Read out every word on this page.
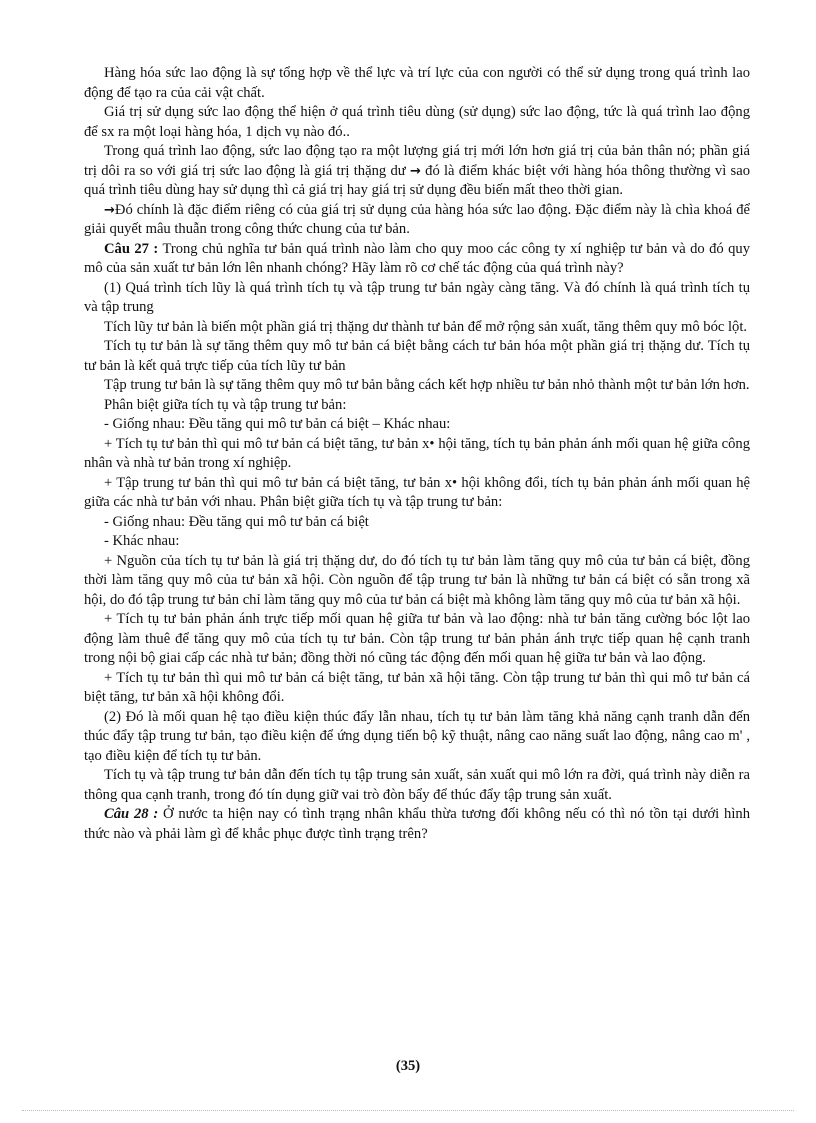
Hàng hóa sức lao động là sự tổng hợp về thể lực và trí lực của con người có thể sử dụng trong quá trình lao động để tạo ra của cải vật chất.

Giá trị sử dụng sức lao động thể hiện ở quá trình tiêu dùng (sử dụng) sức lao động, tức là quá trình lao động để sx ra một loại hàng hóa, 1 dịch vụ nào đó..

Trong quá trình lao động, sức lao động tạo ra một lượng giá trị mới lớn hơn giá trị của bản thân nó; phần giá trị dôi ra so với giá trị sức lao động là giá trị thặng dư → đó là điểm khác biệt với hàng hóa thông thường vì sao quá trình tiêu dùng hay sử dụng thì cả giá trị hay giá trị sử dụng đều biến mất theo thời gian.

→Đó chính là đặc điểm riêng có của giá trị sử dụng của hàng hóa sức lao động. Đặc điểm này là chìa khoá để giải quyết mâu thuẫn trong công thức chung của tư bản.

Câu 27 : Trong chủ nghĩa tư bản quá trình nào làm cho quy moo các công ty xí nghiệp tư bản và do đó quy mô của sản xuất tư bản lớn lên nhanh chóng? Hãy làm rõ cơ chế tác động của quá trình này?

(1) Quá trình tích lũy là quá trình tích tụ và tập trung tư bản ngày càng tăng. Và đó chính là quá trình tích tụ và tập trung

Tích lũy tư bản là biến một phần giá trị thặng dư thành tư bản để mở rộng sản xuất, tăng thêm quy mô bóc lột.

Tích tụ tư bản là sự tăng thêm quy mô tư bản cá biệt bằng cách tư bản hóa một phần giá trị thặng dư. Tích tụ tư bản là kết quả trực tiếp của tích lũy tư bản

Tập trung tư bản là sự tăng thêm quy mô tư bản bằng cách kết hợp nhiều tư bản nhỏ thành một tư bản lớn hơn.

Phân biệt giữa tích tụ và tập trung tư bản:

- Giống nhau: Đều tăng qui mô tư bản cá biệt – Khác nhau:

+ Tích tụ tư bản thì qui mô tư bản cá biệt tăng, tư bản x• hội tăng, tích tụ bản phản ánh mối quan hệ giữa công nhân và nhà tư bản trong xí nghiệp.

+ Tập trung tư bản thì qui mô tư bản cá biệt tăng, tư bản x• hội không đổi, tích tụ bản phản ánh mối quan hệ giữa các nhà tư bản với nhau. Phân biệt giữa tích tụ và tập trung tư bản:

- Giống nhau: Đều tăng qui mô tư bản cá biệt

- Khác nhau:

+ Nguồn của tích tụ tư bản là giá trị thặng dư, do đó tích tụ tư bản làm tăng quy mô của tư bản cá biệt, đồng thời làm tăng quy mô của tư bản xã hội. Còn nguồn để tập trung tư bản là những tư bản cá biệt có sẵn trong xã hội, do đó tập trung tư bản chỉ làm tăng quy mô của tư bản cá biệt mà không làm tăng quy mô của tư bản xã hội.

+ Tích tụ tư bản phản ánh trực tiếp mối quan hệ giữa tư bản và lao động: nhà tư bản tăng cường bóc lột lao động làm thuê để tăng quy mô của tích tụ tư bản. Còn tập trung tư bản phản ánh trực tiếp quan hệ cạnh tranh trong nội bộ giai cấp các nhà tư bản; đồng thời nó cũng tác động đến mối quan hệ giữa tư bản và lao động.

+ Tích tụ tư bản thì qui mô tư bản cá biệt tăng, tư bản xã hội tăng. Còn tập trung tư bản thì qui mô tư bản cá biệt tăng, tư bản xã hội không đổi.

(2) Đó là mối quan hệ tạo điều kiện thúc đẩy lẫn nhau, tích tụ tư bản làm tăng khả năng cạnh tranh dẫn đến thúc đẩy tập trung tư bản, tạo điều kiện để ứng dụng tiến bộ kỹ thuật, nâng cao năng suất lao động, nâng cao m' , tạo điều kiện để tích tụ tư bản.

Tích tụ và tập trung tư bản dẫn đến tích tụ tập trung sản xuất, sản xuất qui mô lớn ra đời, quá trình này diễn ra thông qua cạnh tranh, trong đó tín dụng giữ vai trò đòn bẩy để thúc đẩy tập trung sản xuất.

Câu 28 : Ở nước ta hiện nay có tình trạng nhân khẩu thừa tương đối không nếu có thì nó tồn tại dưới hình thức nào và phải làm gì để khắc phục được tình trạng trên?

(35)
